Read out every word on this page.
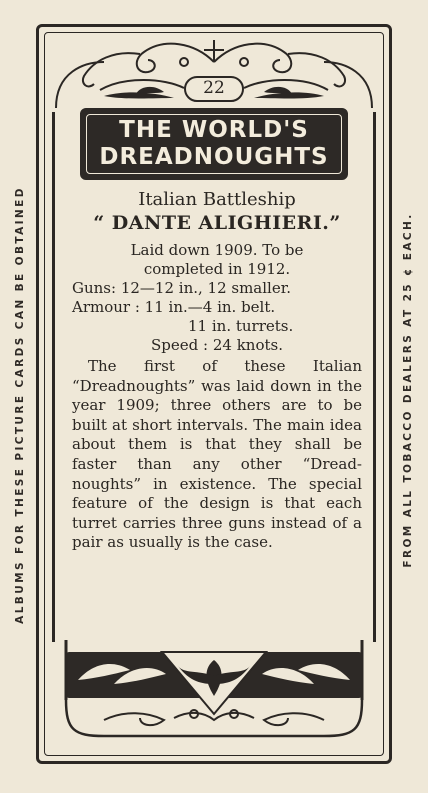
ALBUMS FOR THESE PICTURE CARDS CAN BE OBTAINED	FROM ALL TOBACCO DEALERS AT 25 ¢ EACH.
22
THE WORLD'S
DREADNOUGHTS
Italian Battleship
“ DANTE ALIGHIERI.”
Laid down 1909. To be
completed in 1912.
Guns: 12—12 in., 12 smaller.
Armour : 11 in.—4 in. belt.
11 in. turrets.
Speed : 24 knots.
The first of these Italian “Dreadnoughts” was laid down in the year 1909; three others are to be built at short intervals. The main idea about them is that they shall be faster than any other “Dread-noughts” in existence. The special feature of the design is that each turret carries three guns instead of a pair as usually is the case.
